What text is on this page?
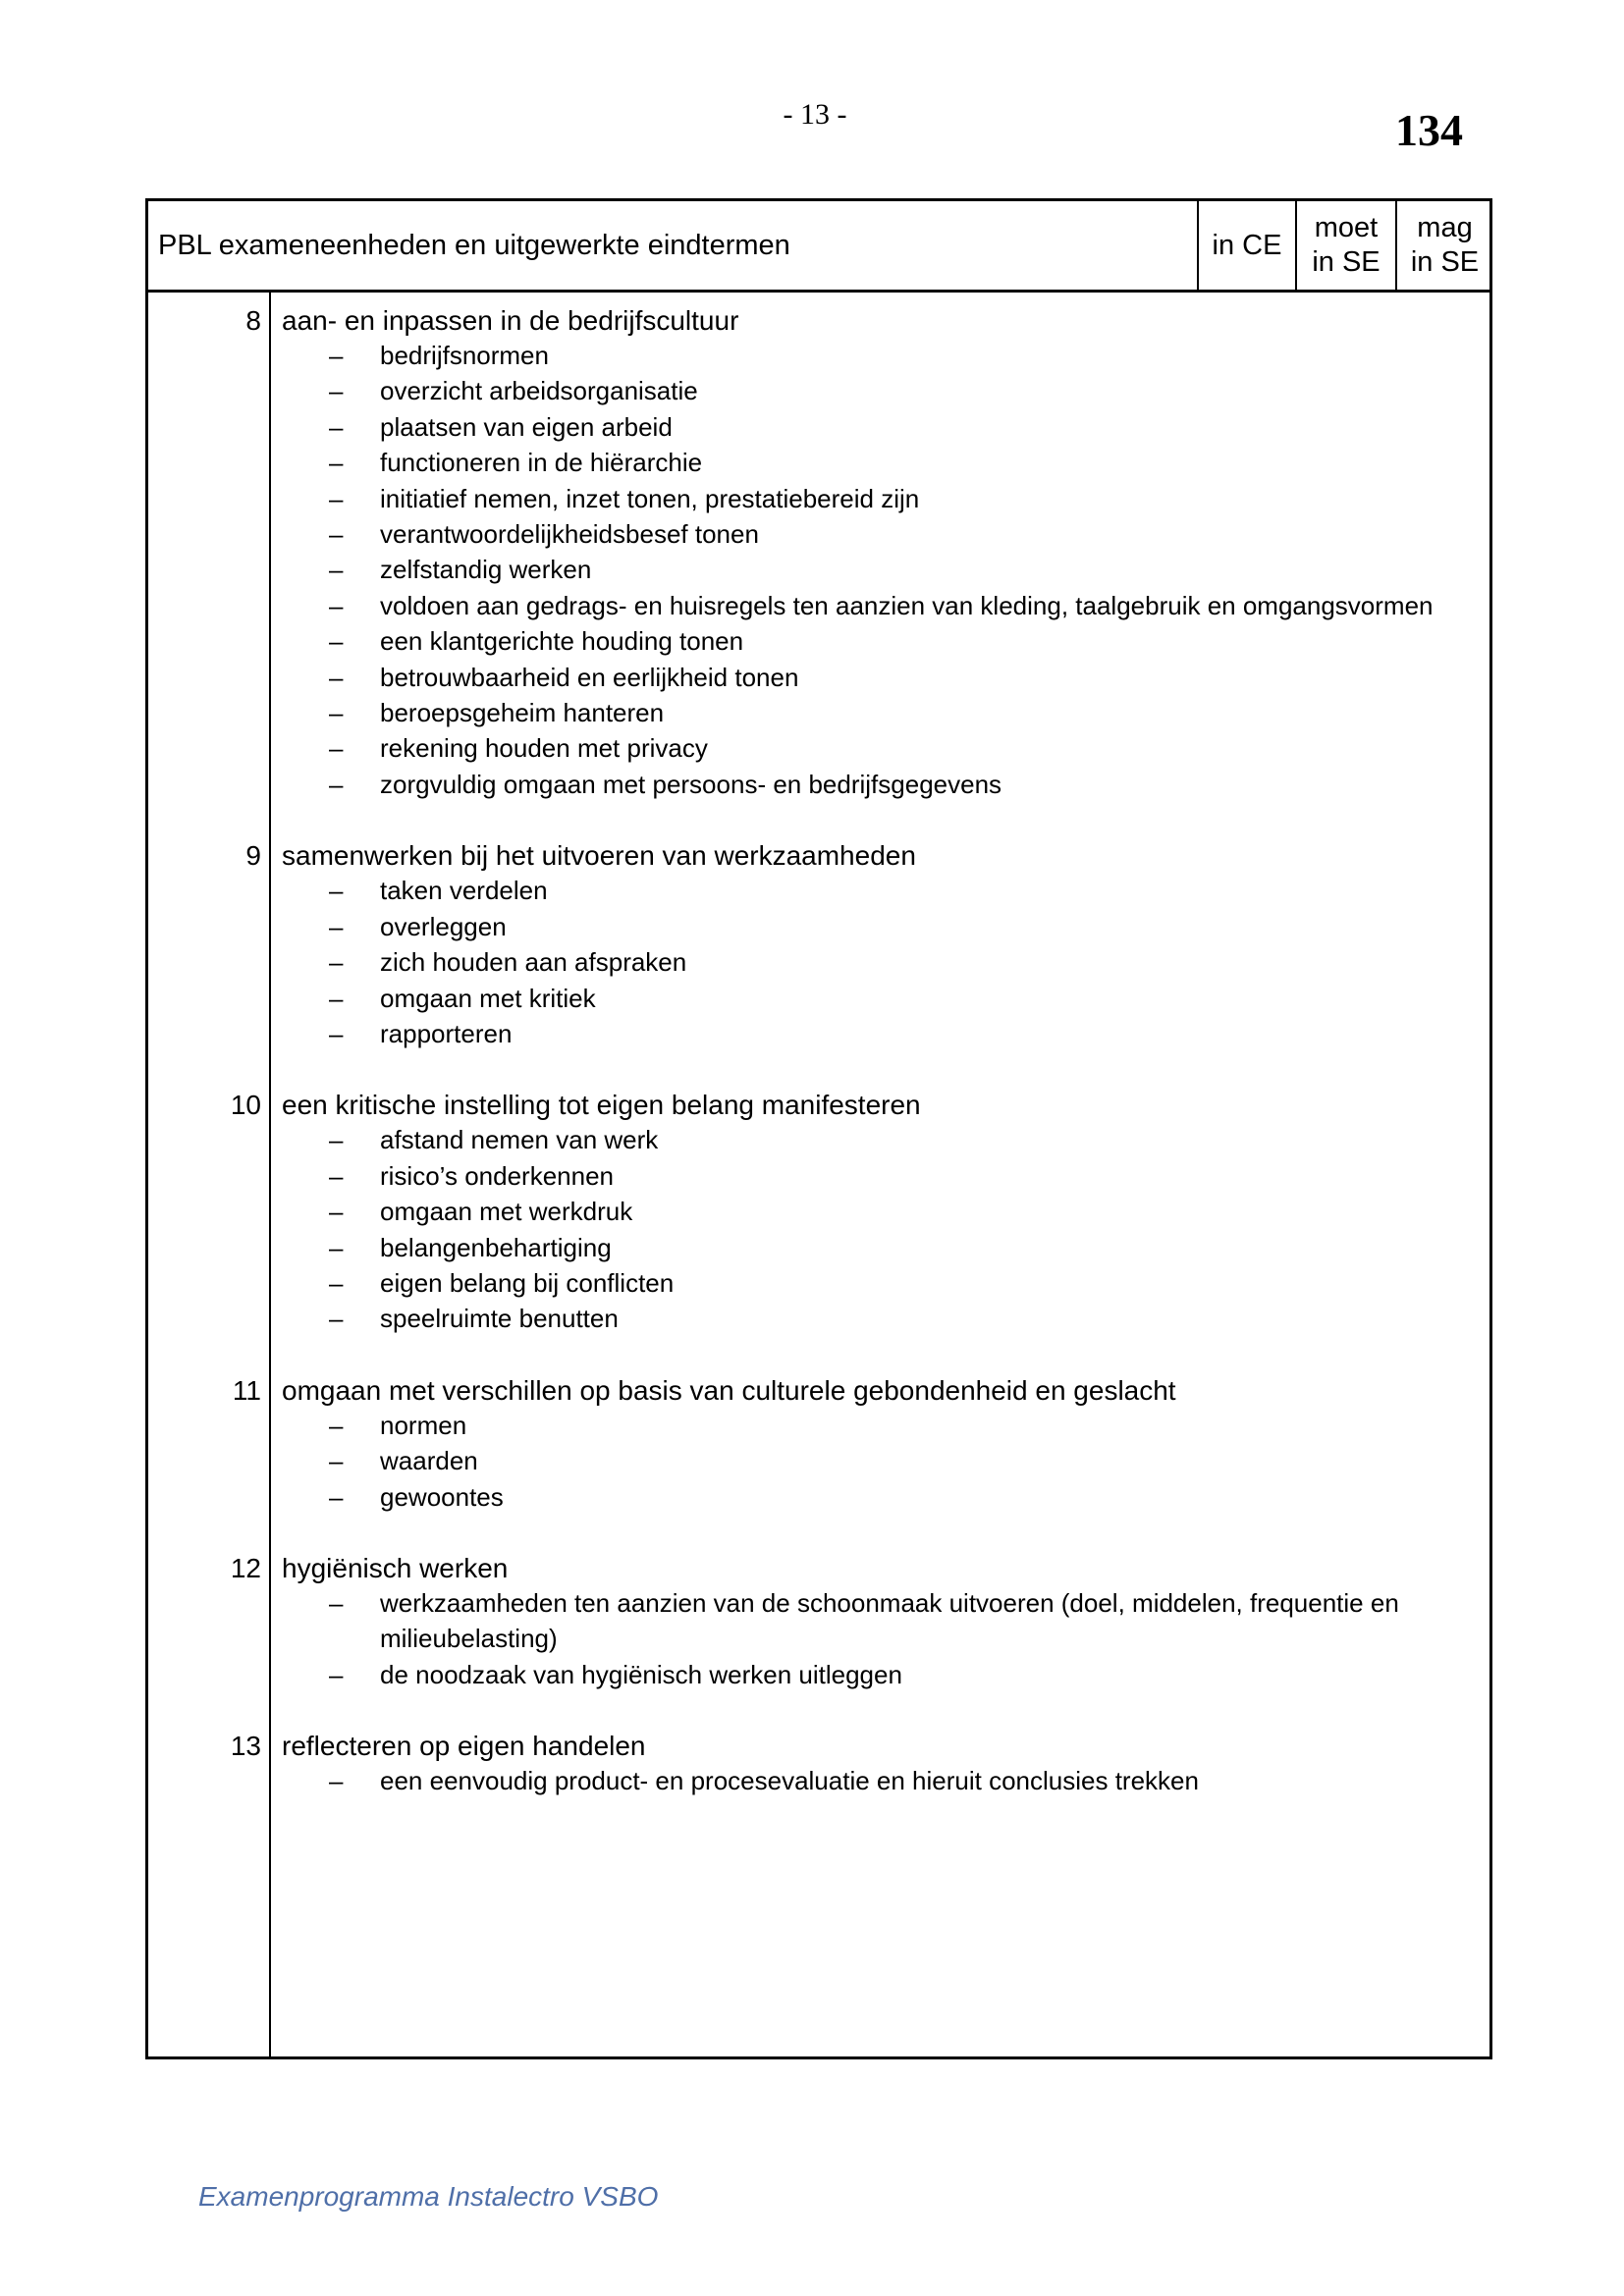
- 13 -	134
PBL exameneenheden en uitgewerkte eindtermen	in CE
moet
in SE
mag
in SE
8 aan- en inpassen in de bedrijfscultuur
– bedrijfsnormen
– overzicht arbeidsorganisatie
– plaatsen van eigen arbeid
– functioneren in de hiërarchie
– initiatief nemen, inzet tonen, prestatiebereid zijn
– verantwoordelijkheidsbesef tonen
– zelfstandig werken
– voldoen aan gedrags- en huisregels ten aanzien van kleding, taalgebruik en omgangsvormen
– een klantgerichte houding tonen
– betrouwbaarheid en eerlijkheid tonen
– beroepsgeheim hanteren
– rekening houden met privacy
– zorgvuldig omgaan met persoons- en bedrijfsgegevens
9 samenwerken bij het uitvoeren van werkzaamheden
– taken verdelen
– overleggen
– zich houden aan afspraken
– omgaan met kritiek
– rapporteren
10 een kritische instelling tot eigen belang manifesteren
– afstand nemen van werk
– risico’s onderkennen
– omgaan met werkdruk
– belangenbehartiging
– eigen belang bij conflicten
– speelruimte benutten
11 omgaan met verschillen op basis van culturele gebondenheid en geslacht
– normen
– waarden
– gewoontes
12 hygiënisch werken
– werkzaamheden ten aanzien van de schoonmaak uitvoeren (doel, middelen, frequentie en milieubelasting)
– de noodzaak van hygiënisch werken uitleggen
13 reflecteren op eigen handelen
– een eenvoudig product- en procesevaluatie en hieruit conclusies trekken
Examenprogramma Instalectro VSBO
